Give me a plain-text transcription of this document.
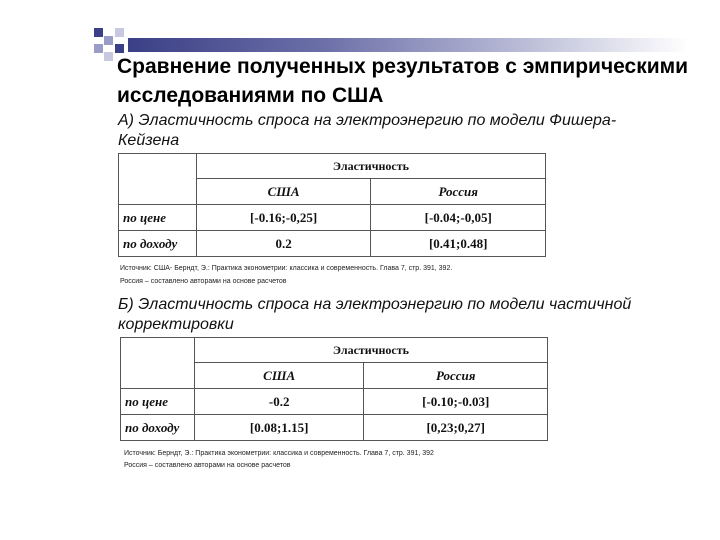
Сравнение полученных результатов с эмпирическими исследованиями по США
А) Эластичность спроса на электроэнергию по модели Фишера-Кейзена
	Эластичность	
	США	Россия
по цене	[-0.16;-0,25]	[-0.04;-0,05]
по доходу	0.2	[0.41;0.48]
Источник: США- Берндт, Э.: Практика эконометрии: классика и современность. Глава 7, стр. 391, 392.
Россия – составлено авторами на основе расчетов
Б) Эластичность спроса на электроэнергию по модели частичной корректировки
	Эластичность	
	США	Россия
по цене	-0.2	[-0.10;-0.03]
по доходу	[0.08;1.15]	[0,23;0,27]
Источник: Берндт, Э.: Практика эконометрии: классика и современность. Глава 7, стр. 391, 392
Россия – составлено авторами на основе расчетов
